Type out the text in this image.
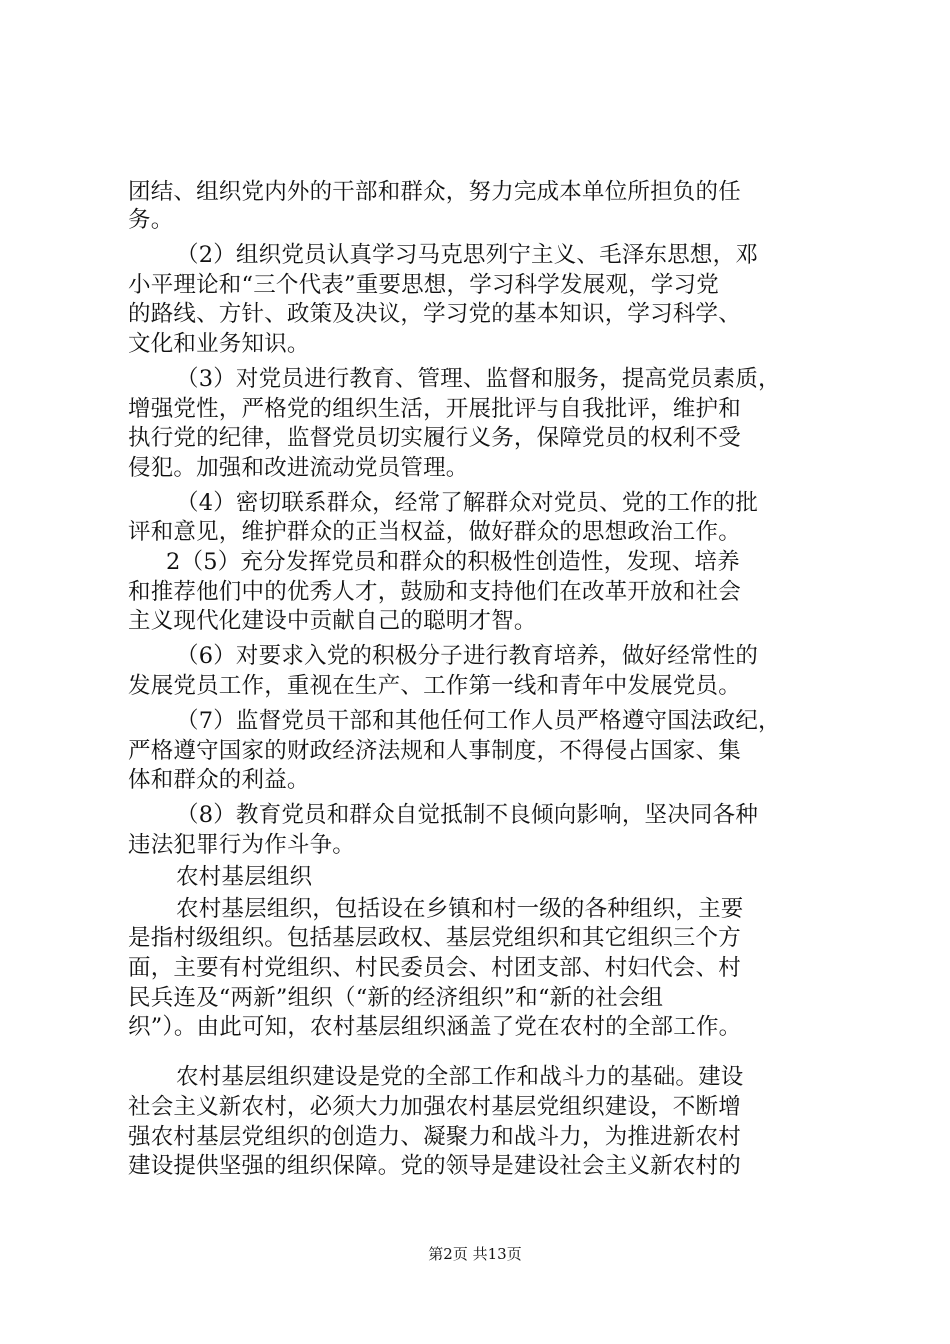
团结、组织党内外的干部和群众，努力完成本单位所担负的任
务。
（2）组织党员认真学习马克思列宁主义、毛泽东思想，邓
小平理论和“三个代表”重要思想，学习科学发展观，学习党
的路线、方针、政策及决议，学习党的基本知识，学习科学、
文化和业务知识。
（3）对党员进行教育、管理、监督和服务，提高党员素质，
增强党性，严格党的组织生活，开展批评与自我批评，维护和
执行党的纪律，监督党员切实履行义务，保障党员的权利不受
侵犯。加强和改进流动党员管理。
（4）密切联系群众，经常了解群众对党员、党的工作的批
评和意见，维护群众的正当权益，做好群众的思想政治工作。
2（5）充分发挥党员和群众的积极性创造性，发现、培养
和推荐他们中的优秀人才，鼓励和支持他们在改革开放和社会
主义现代化建设中贡献自己的聪明才智。
（6）对要求入党的积极分子进行教育培养，做好经常性的
发展党员工作，重视在生产、工作第一线和青年中发展党员。
（7）监督党员干部和其他任何工作人员严格遵守国法政纪，
严格遵守国家的财政经济法规和人事制度，不得侵占国家、集
体和群众的利益。
（8）教育党员和群众自觉抵制不良倾向影响，坚决同各种
违法犯罪行为作斗争。
农村基层组织
农村基层组织，包括设在乡镇和村一级的各种组织，主要
是指村级组织。包括基层政权、基层党组织和其它组织三个方
面，主要有村党组织、村民委员会、村团支部、村妇代会、村
民兵连及“两新”组织（“新的经济组织”和“新的社会组
织”）。由此可知，农村基层组织涵盖了党在农村的全部工作。
农村基层组织建设是党的全部工作和战斗力的基础。建设
社会主义新农村，必须大力加强农村基层党组织建设，不断增
强农村基层党组织的创造力、凝聚力和战斗力，为推进新农村
建设提供坚强的组织保障。党的领导是建设社会主义新农村的
第2页 共13页
